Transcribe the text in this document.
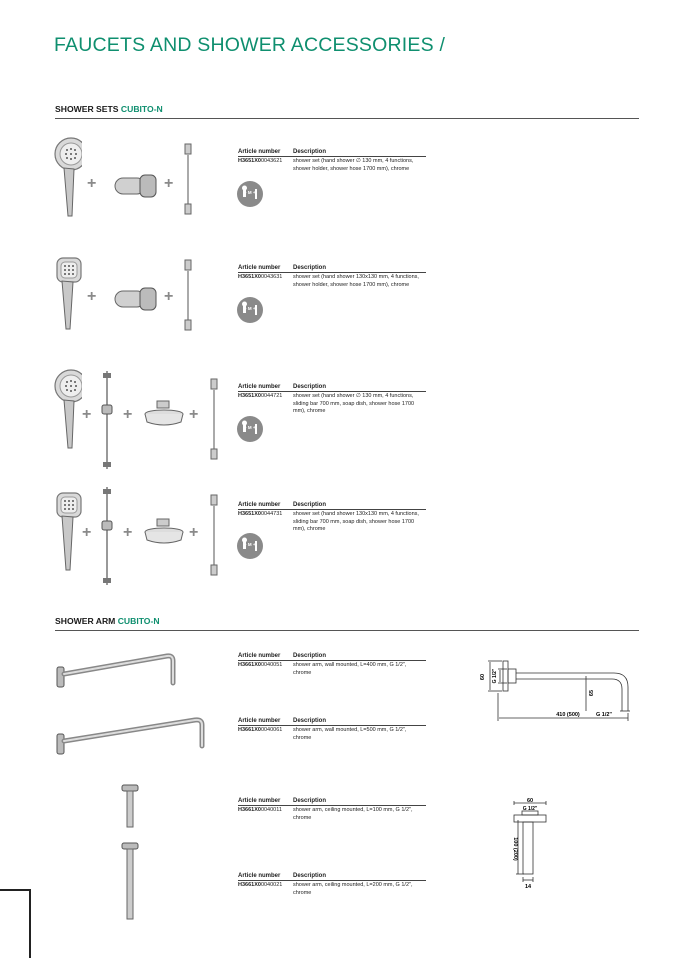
FAUCETS AND SHOWER ACCESSORIES /
SHOWER SETS CUBITO-N
SHOWER ARM CUBITO-N
+	+
Article number	Description
H3651X00043621	shower set (hand shower ∅ 130 mm, 4 functions, shower holder, shower hose 1700 mm), chrome
+ M +
+	+
Article number	Description
H3651X00043631	shower set (hand shower 130x130 mm, 4 functions, shower holder, shower hose 1700 mm), chrome
+ M +
+ +	+
Article number	Description
H3651X00044721	shower set (hand shower ∅ 130 mm, 4 functions, sliding bar 700 mm, soap dish, shower hose 1700 mm), chrome
+ M +
+ +	+
Article number	Description
H3651X00044731	shower set (hand shower 130x130 mm, 4 functions, sliding bar 700 mm, soap dish, shower hose 1700 mm), chrome
+ M +
Article number	Description
H3661X00040051	shower arm, wall mounted, L=400 mm, G 1/2", chrome
Article number	Description
H3661X00040061	shower arm, wall mounted, L=500 mm, G 1/2", chrome
Article number	Description
H3661X00040011	shower arm, ceiling mounted, L=100 mm, G 1/2", chrome
Article number	Description
H3661X00040021	shower arm, ceiling mounted, L=200 mm, G 1/2", chrome
60 G 1/2"
65
410 (500)	G 1/2"
60
G 1/2"
100 (200)
14
